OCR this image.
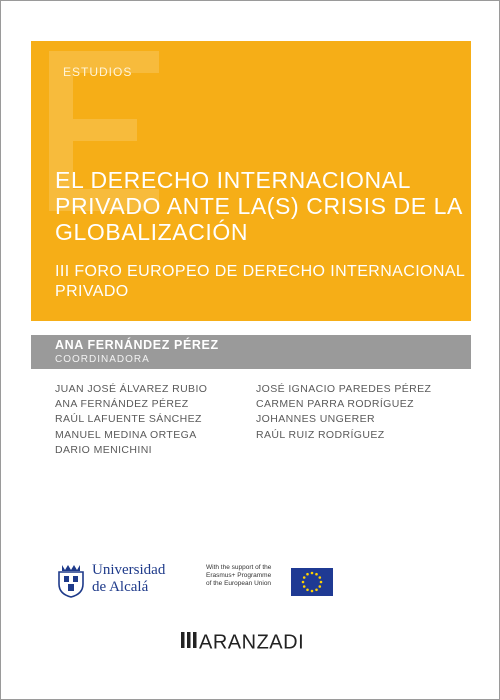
ESTUDIOS
EL DERECHO INTERNACIONAL PRIVADO ANTE LA(S) CRISIS DE LA GLOBALIZACIÓN
III FORO EUROPEO DE DERECHO INTERNACIONAL PRIVADO
ANA FERNÁNDEZ PÉREZ
COORDINADORA
JUAN JOSÉ ÁLVAREZ RUBIO
ANA FERNÁNDEZ PÉREZ
RAÚL LAFUENTE SÁNCHEZ
MANUEL MEDINA ORTEGA
DARIO MENICHINI
JOSÉ IGNACIO PAREDES PÉREZ
CARMEN PARRA RODRÍGUEZ
JOHANNES UNGERER
RAÚL RUIZ RODRÍGUEZ
Universidad
de Alcalá
With the support of the
Erasmus+ Programme
of the European Union
ARANZADI
